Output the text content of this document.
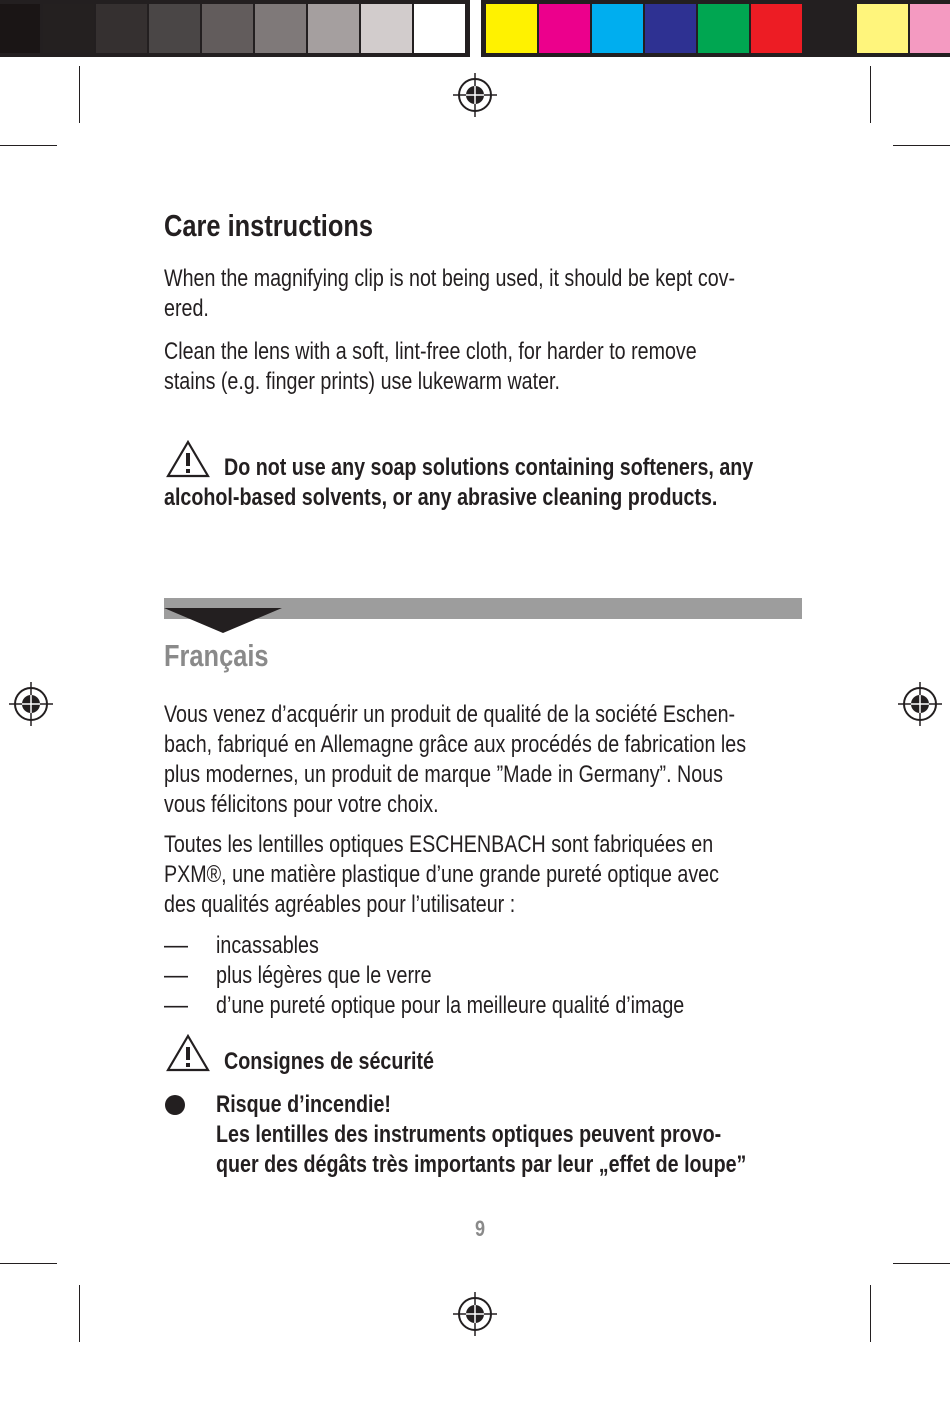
Care instructions
When the magnifying clip is not being used, it should be kept cov-
ered.
Clean the lens with a soft, lint-free cloth, for harder to remove
stains (e.g. finger prints) use lukewarm water.
Do not use any soap solutions containing softeners, any
alcohol-based solvents, or any abrasive cleaning products.
Français
Vous venez d’acquérir un produit de qualité de la société Eschen-
bach, fabriqué en Allemagne grâce aux procédés de fabrication les
plus modernes, un produit de marque ”Made in Germany”. Nous
vous félicitons pour votre choix.
Toutes les lentilles optiques ESCHENBACH sont fabriquées en
PXM®, une matière plastique d’une grande pureté optique avec
des qualités agréables pour l’utilisateur :
— incassables
— plus légères que le verre
— d’une pureté optique pour la meilleure qualité d’image
Consignes de sécurité
Risque d’incendie!
Les lentilles des instruments optiques peuvent provo-
quer des dégâts très importants par leur „effet de loupe”
9
